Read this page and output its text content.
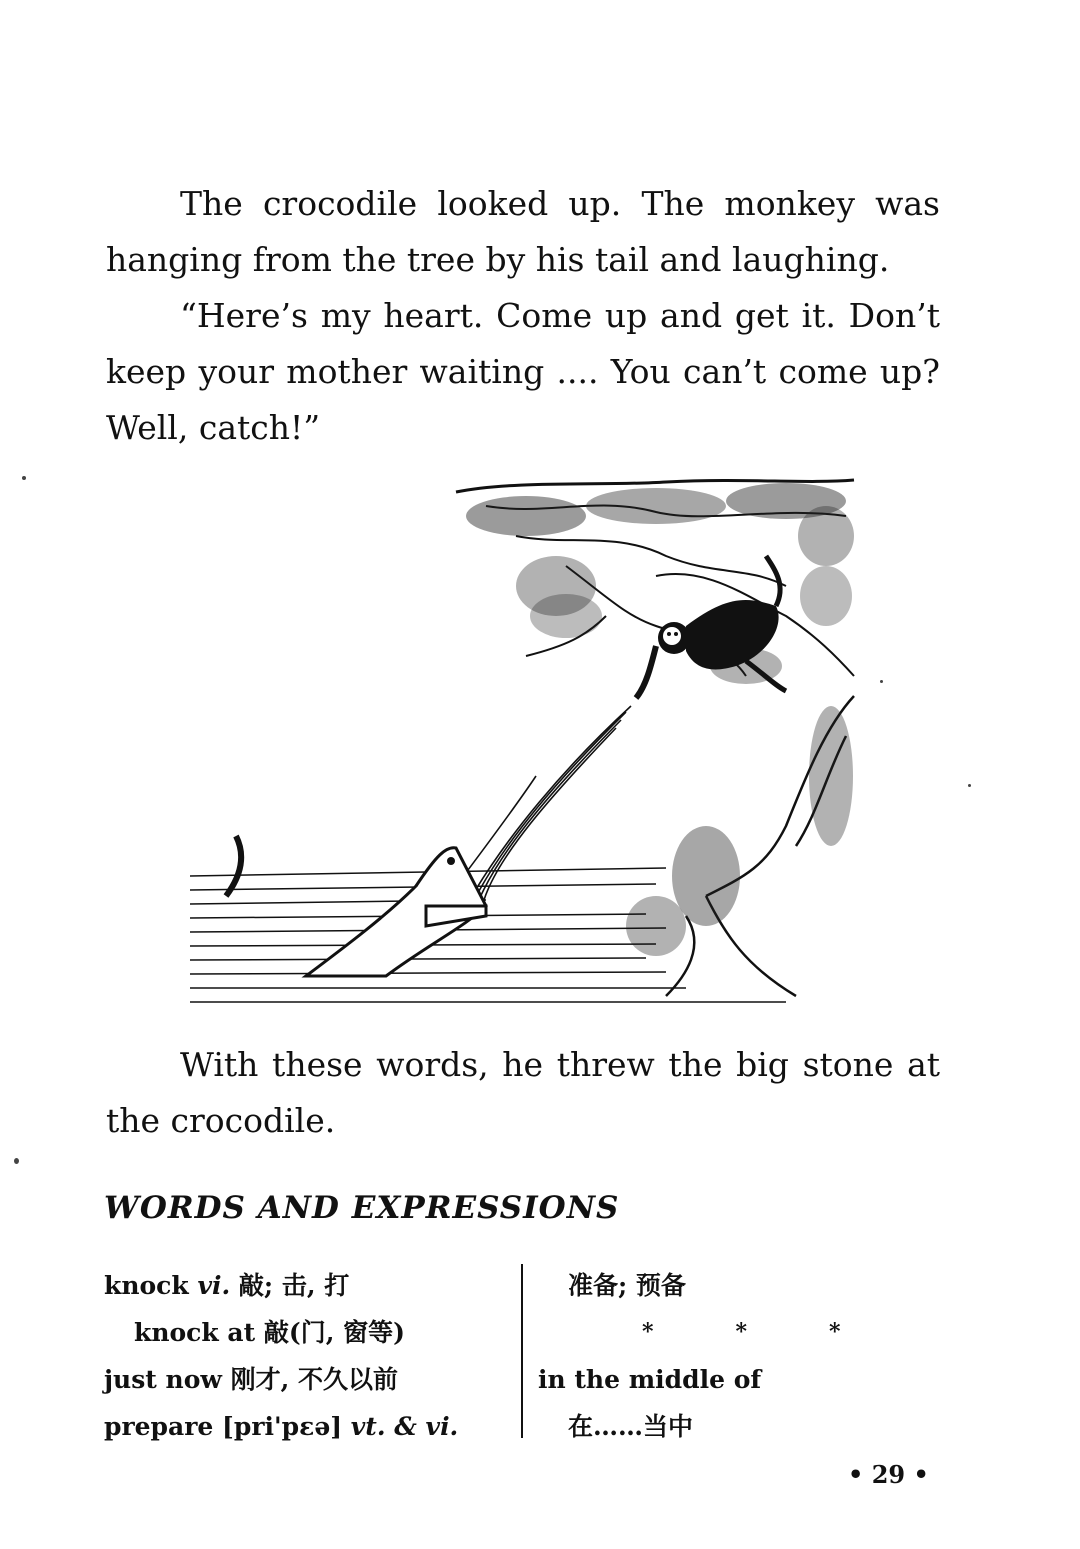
The crocodile looked up. The monkey was hanging from the tree by his tail and laughing.

“Here’s my heart. Come up and get it. Don’t keep your mother waiting .... You can’t come up? Well, catch!”

With these words, he threw the big stone at the crocodile.

WORDS AND EXPRESSIONS
knock vi. 敲; 击, 打
knock at 敲(门, 窗等)
just now 刚才, 不久以前
prepare [pri'pεə] vt. & vi.
准备; 预备
*	*	*
in the middle of
在……当中
• 29 •
